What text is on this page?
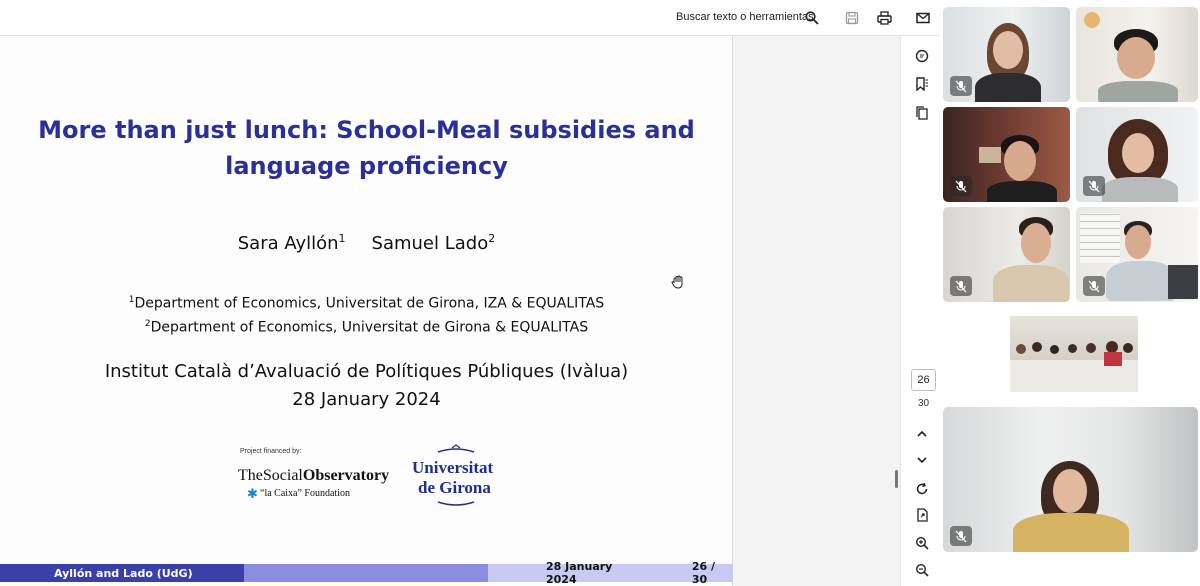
Buscar texto o herramientas
More than just lunch: School-Meal subsidies and
language proficiency
Sara Ayllón$^1$ Samuel Lado$^2$
$^1$Department of Economics, Universitat de Girona, IZA & EQUALITAS
$^2$Department of Economics, Universitat de Girona & EQUALITAS
Institut Català d’Avaluació de Polítiques Públiques (Ivàlua)
28 January 2024
Project financed by:
TheSocialObservatory
✱ “la Caixa” Foundation
Universitat
de Girona
Ayllón and Lado (UdG)	28 January 2024
26 / 30
26
30
